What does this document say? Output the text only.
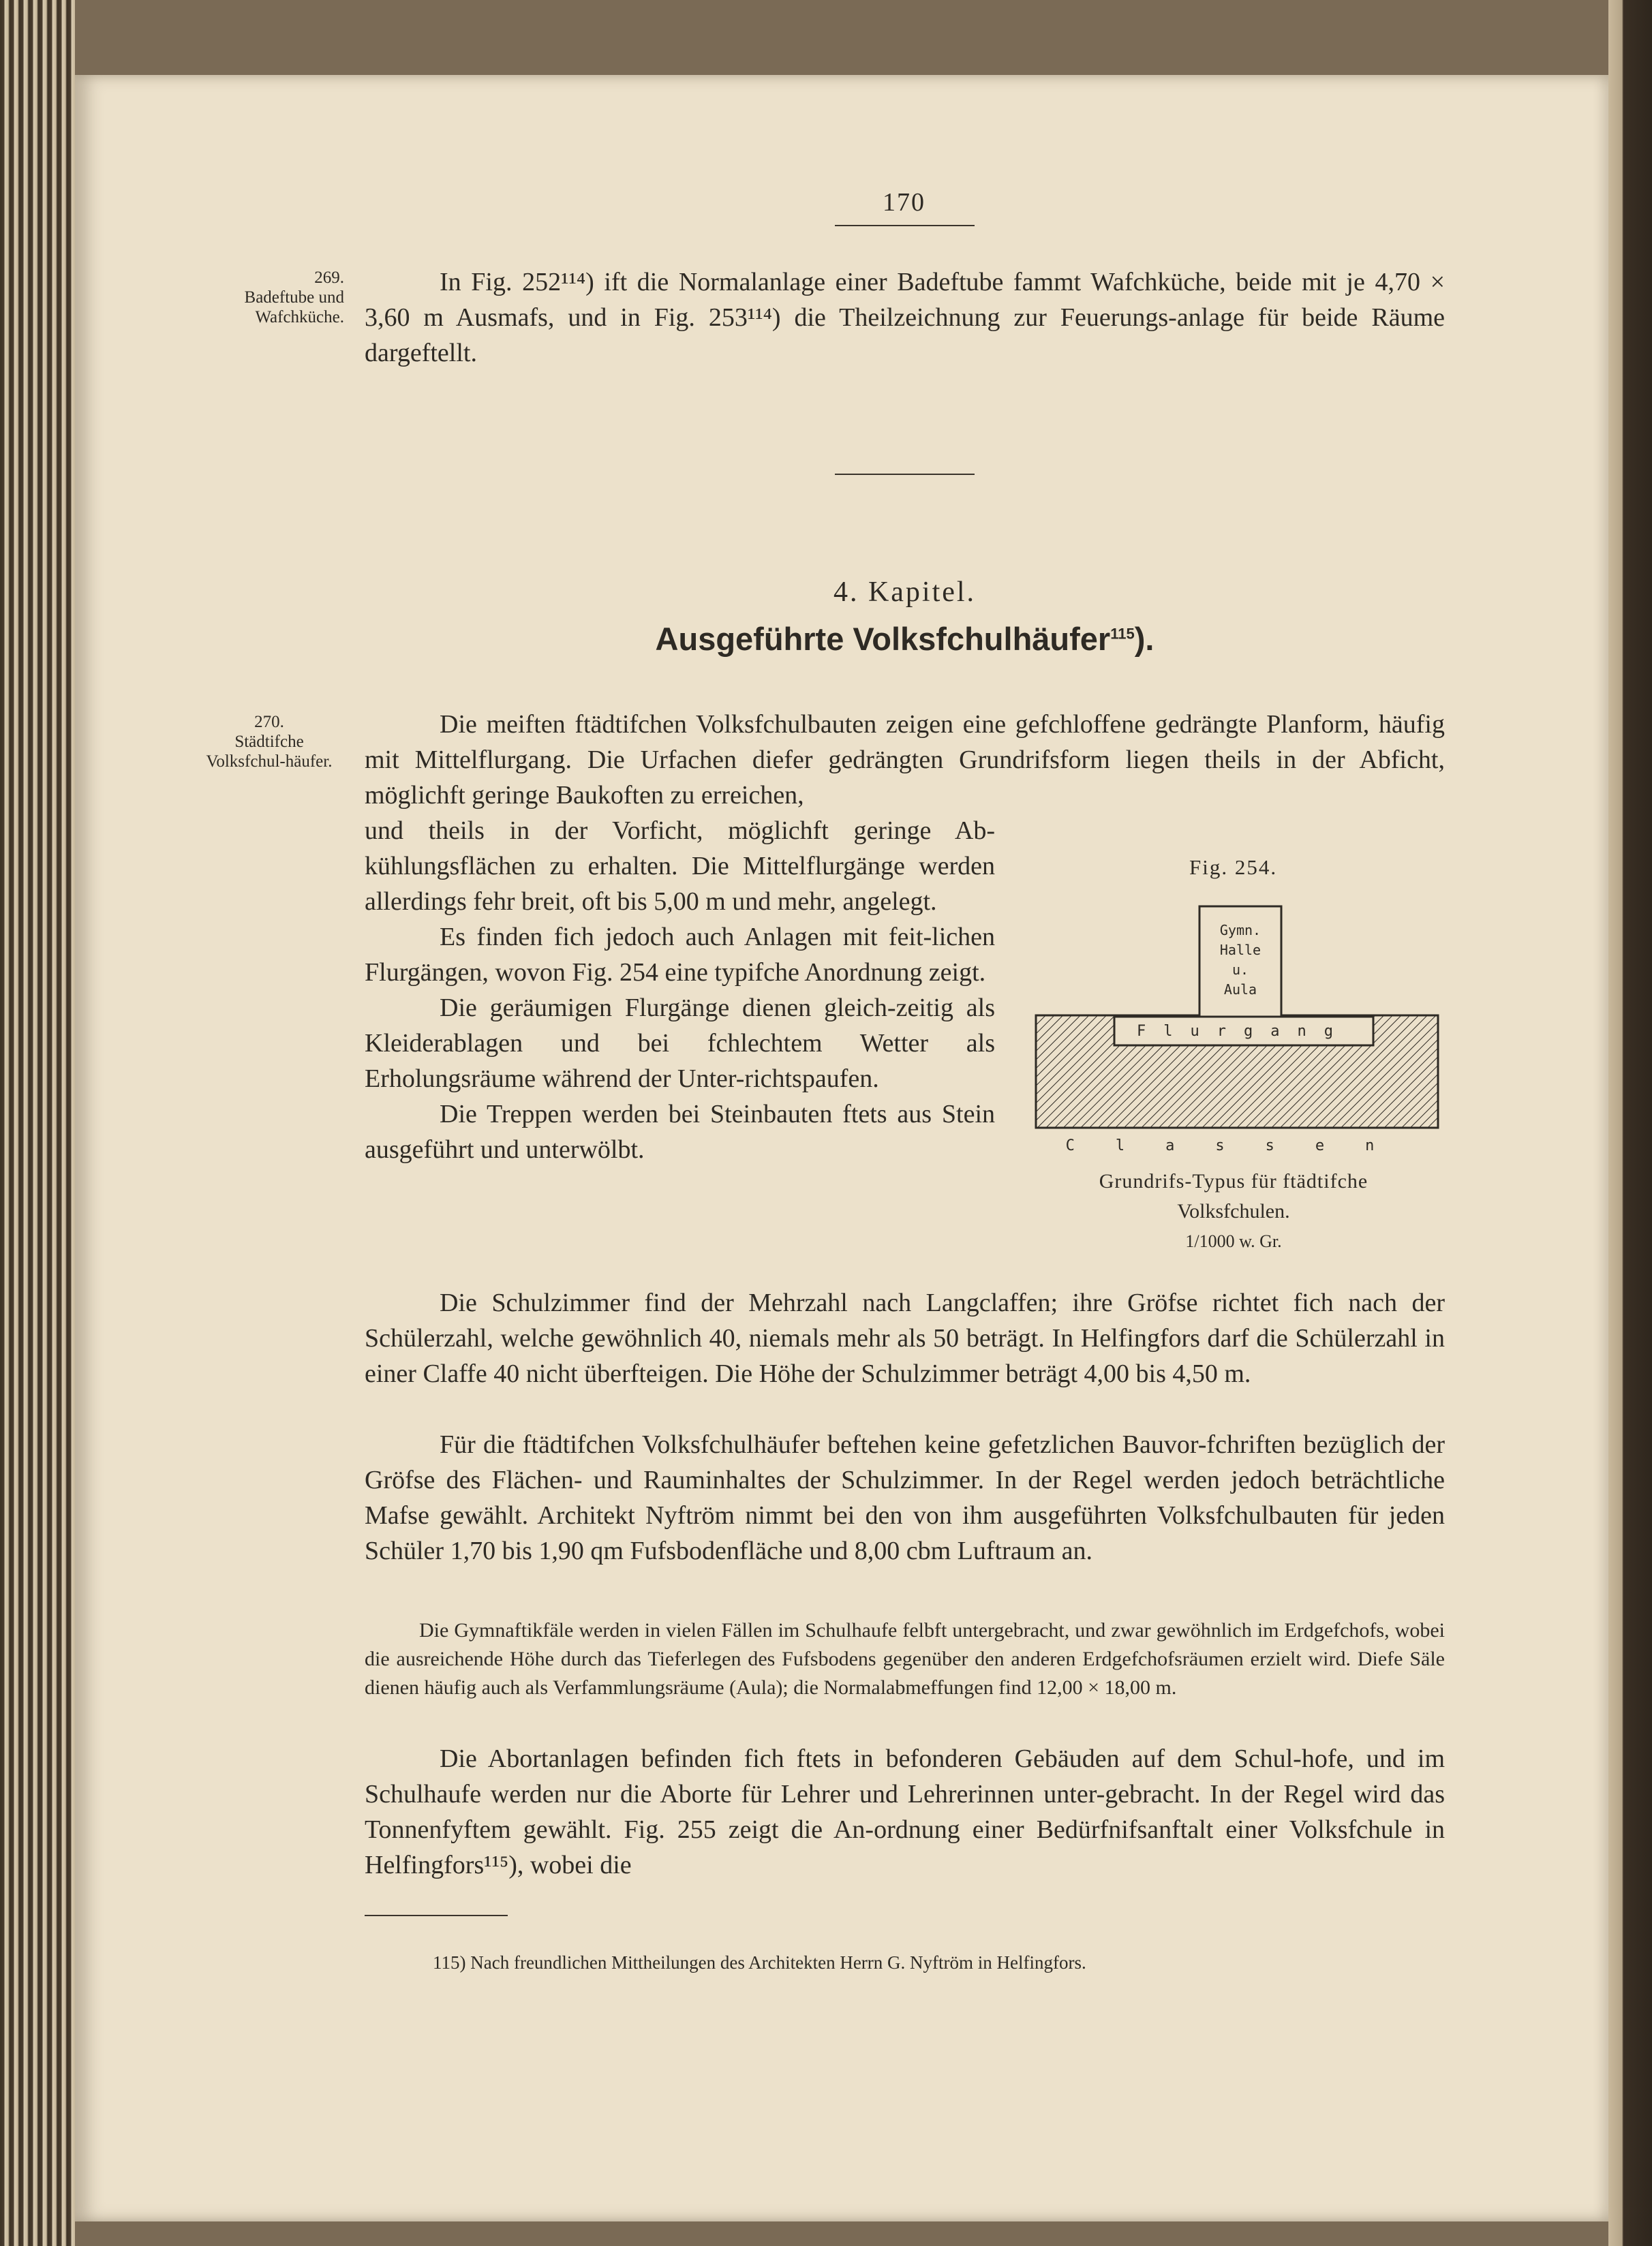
170
269.
Badeftube und Wafchküche.

In Fig. 252¹¹⁴) ift die Normalanlage einer Badeftube fammt Wafchküche, beide mit je 4,70 × 3,60 m Ausmafs, und in Fig. 253¹¹⁴) die Theilzeichnung zur Feuerungs-anlage für beide Räume dargeftellt.

4. Kapitel.
Ausgeführte Volksfchulhäufer$^{115}$).
270.
Städtifche Volksfchul-häufer.

Die meiften ftädtifchen Volksfchulbauten zeigen eine gefchloffene gedrängte Planform, häufig mit Mittelflurgang. Die Urfachen diefer gedrängten Grundrifsform liegen theils in der Abficht, möglichft geringe Baukoften zu erreichen,

und theils in der Vorficht, möglichft geringe Ab-kühlungsflächen zu erhalten. Die Mittelflurgänge werden allerdings fehr breit, oft bis 5,00 m und mehr, angelegt.

Es finden fich jedoch auch Anlagen mit feit-lichen Flurgängen, wovon Fig. 254 eine typifche Anordnung zeigt.

Die geräumigen Flurgänge dienen gleich-zeitig als Kleiderablagen und bei fchlechtem Wetter als Erholungsräume während der Unter-richtspaufen.

Die Treppen werden bei Steinbauten ftets aus Stein ausgeführt und unterwölbt.

Fig. 254.
Gymn.
Halle
u.
Aula
Flurgang
Classen
Grundrifs-Typus für ftädtifche
Volksfchulen.
1/1000 w. Gr.

Die Schulzimmer find der Mehrzahl nach Langclaffen; ihre Gröfse richtet fich nach der Schülerzahl, welche gewöhnlich 40, niemals mehr als 50 beträgt. In Helfingfors darf die Schülerzahl in einer Claffe 40 nicht überfteigen. Die Höhe der Schulzimmer beträgt 4,00 bis 4,50 m.

Für die ftädtifchen Volksfchulhäufer beftehen keine gefetzlichen Bauvor-fchriften bezüglich der Gröfse des Flächen- und Rauminhaltes der Schulzimmer. In der Regel werden jedoch beträchtliche Mafse gewählt. Architekt Nyftröm nimmt bei den von ihm ausgeführten Volksfchulbauten für jeden Schüler 1,70 bis 1,90 qm Fufsbodenfläche und 8,00 cbm Luftraum an.

Die Gymnaftikfäle werden in vielen Fällen im Schulhaufe felbft untergebracht, und zwar gewöhnlich im Erdgefchofs, wobei die ausreichende Höhe durch das Tieferlegen des Fufsbodens gegenüber den anderen Erdgefchofsräumen erzielt wird. Diefe Säle dienen häufig auch als Verfammlungsräume (Aula); die Normalabmeffungen find 12,00 × 18,00 m.

Die Abortanlagen befinden fich ftets in befonderen Gebäuden auf dem Schul-hofe, und im Schulhaufe werden nur die Aborte für Lehrer und Lehrerinnen unter-gebracht. In der Regel wird das Tonnenfyftem gewählt. Fig. 255 zeigt die An-ordnung einer Bedürfnifsanftalt einer Volksfchule in Helfingfors¹¹⁵), wobei die

115) Nach freundlichen Mittheilungen des Architekten Herrn G. Nyftröm in Helfingfors.
